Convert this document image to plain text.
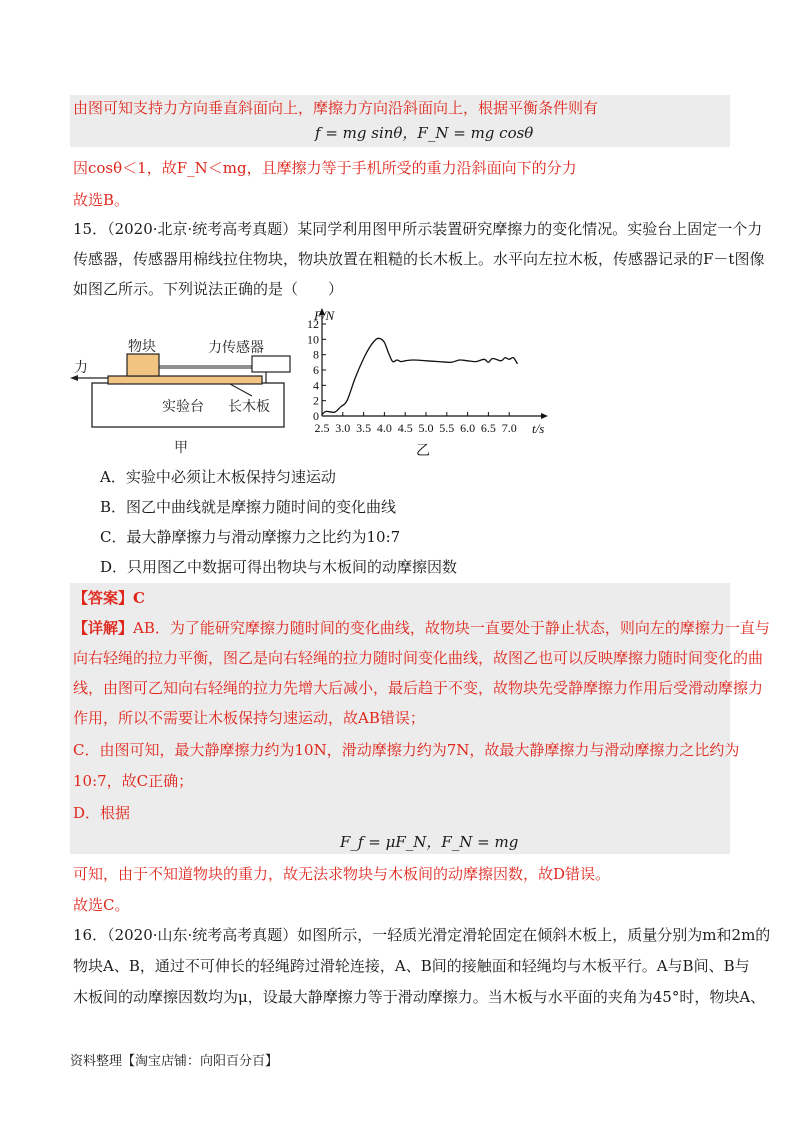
由图可知支持力方向垂直斜面向上，摩擦力方向沿斜面向上，根据平衡条件则有
f = mg sinθ，F_N = mg cosθ
因cosθ＜1，故F_N＜mg，且摩擦力等于手机所受的重力沿斜面向下的分力
故选B。
15．（2020·北京·统考高考真题）某同学利用图甲所示装置研究摩擦力的变化情况。实验台上固定一个力
传感器，传感器用棉线拉住物块，物块放置在粗糙的长木板上。水平向左拉木板，传感器记录的F－t图像
如图乙所示。下列说法正确的是（　　）
物块	力传感器
力
实验台 长木板
甲
0
2
4
6
8
10
12
2.5 3.0 3.5 4.0 4.5 5.0 5.5 6.0 6.5 7.0
F/N
t/s
乙
A．实验中必须让木板保持匀速运动
B．图乙中曲线就是摩擦力随时间的变化曲线
C．最大静摩擦力与滑动摩擦力之比约为10:7
D．只用图乙中数据可得出物块与木板间的动摩擦因数
【答案】C
【详解】AB．为了能研究摩擦力随时间的变化曲线，故物块一直要处于静止状态，则向左的摩擦力一直与
向右轻绳的拉力平衡，图乙是向右轻绳的拉力随时间变化曲线，故图乙也可以反映摩擦力随时间变化的曲
线，由图可乙知向右轻绳的拉力先增大后减小，最后趋于不变，故物块先受静摩擦力作用后受滑动摩擦力
作用，所以不需要让木板保持匀速运动，故AB错误；
C．由图可知，最大静摩擦力约为10N，滑动摩擦力约为7N，故最大静摩擦力与滑动摩擦力之比约为
10:7，故C正确；
D．根据
F_f = μF_N，F_N = mg
可知，由于不知道物块的重力，故无法求物块与木板间的动摩擦因数，故D错误。
故选C。
16．（2020·山东·统考高考真题）如图所示，一轻质光滑定滑轮固定在倾斜木板上，质量分别为m和2m的
物块A、B，通过不可伸长的轻绳跨过滑轮连接，A、B间的接触面和轻绳均与木板平行。A与B间、B与
木板间的动摩擦因数均为μ，设最大静摩擦力等于滑动摩擦力。当木板与水平面的夹角为45°时，物块A、
资料整理【淘宝店铺：向阳百分百】
